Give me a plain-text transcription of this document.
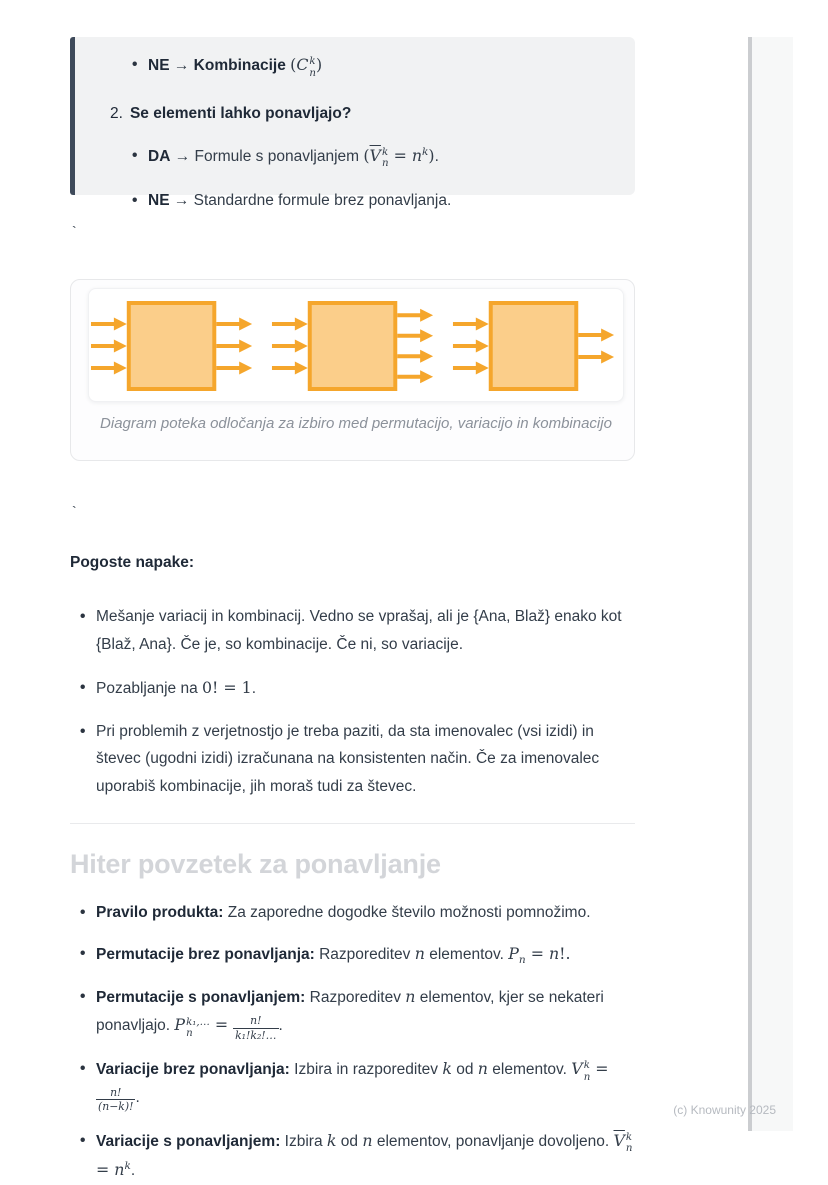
• NE → Kombinacije (C k
n )
2. Se elementi lahko ponavljajo?
• DA → Formule s ponavljanjem ($\overline{V}$ k
$n = n^k$).
• NE → Standardne formule brez ponavljanja.
`
Diagram poteka odločanja za izbiro med permutacijo, variacijo in kombinacijo
`

Pogoste napake:

• Mešanje variacij in kombinacij. Vedno se vprašaj, ali je {Ana, Blaž} enako kot {Blaž, Ana}. Če je, so kombinacije. Če ni, so variacije.
• Pozabljanje na 0! = 1.
• Pri problemih z verjetnostjo je treba paziti, da sta imenovalec (vsi izidi) in števec (ugodni izidi) izračunana na konsistenten način. Če za imenovalec uporabiš kombinacije, jih moraš tudi za števec.
Hiter povzetek za ponavljanje
• Pravilo produkta: Za zaporedne dogodke število možnosti pomnožimo.
• Permutacije brez ponavljanja: Razporeditev n elementov. $P_n = n$!.
• Permutacije s ponavljanjem: Razporeditev n elementov, kjer se nekateri ponavljajo. P k₁,…
n	= $\frac{n!}{\text{k₁!k₂!…}}$ .
• Variacije brez ponavljanja: Izbira in razporeditev k od n elementov. V k
n =
$\frac{n!}{(n-k)!}$ .
• Variacije s ponavljanjem: Izbira k od n elementov, ponavljanje dovoljeno. $\overline{V}$ k
n
= $n^k$.
(c) Knowunity 2025
